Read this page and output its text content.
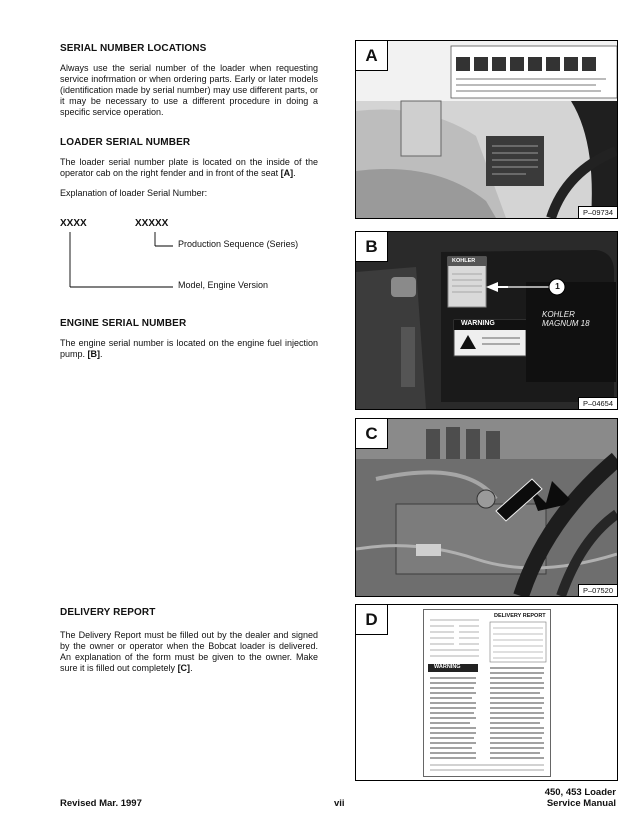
SERIAL NUMBER LOCATIONS

Always use the serial number of the loader when requesting service inofrmation or when ordering parts. Early or later models (identification made by serial number) may use different parts, or it may be necessary to use a different procedure in doing a specific service operation.

LOADER SERIAL NUMBER

The loader serial number plate is located on the inside of the operator cab on the right fender and in front of the seat [A].

Explanation of loader Serial Number:

XXXX	XXXXX
Production Sequence (Series)
Model, Engine Version

ENGINE SERIAL NUMBER

The engine serial number is located on the engine fuel injection pump. [B].

DELIVERY REPORT

The Delivery Report must be filled out by the dealer and signed by the owner or operator when the Bobcat loader is delivered. An explanation of the form must be given to the owner. Make sure it is filled out completely [C].

A
P–09734
KOHLER
WARNING
KOHLER
MAGNUM 18
1
B
P–04654
C
P–07520
DELIVERY REPORT
WARNING
D
Revised Mar. 1997	vii
450, 453 Loader
Service Manual
